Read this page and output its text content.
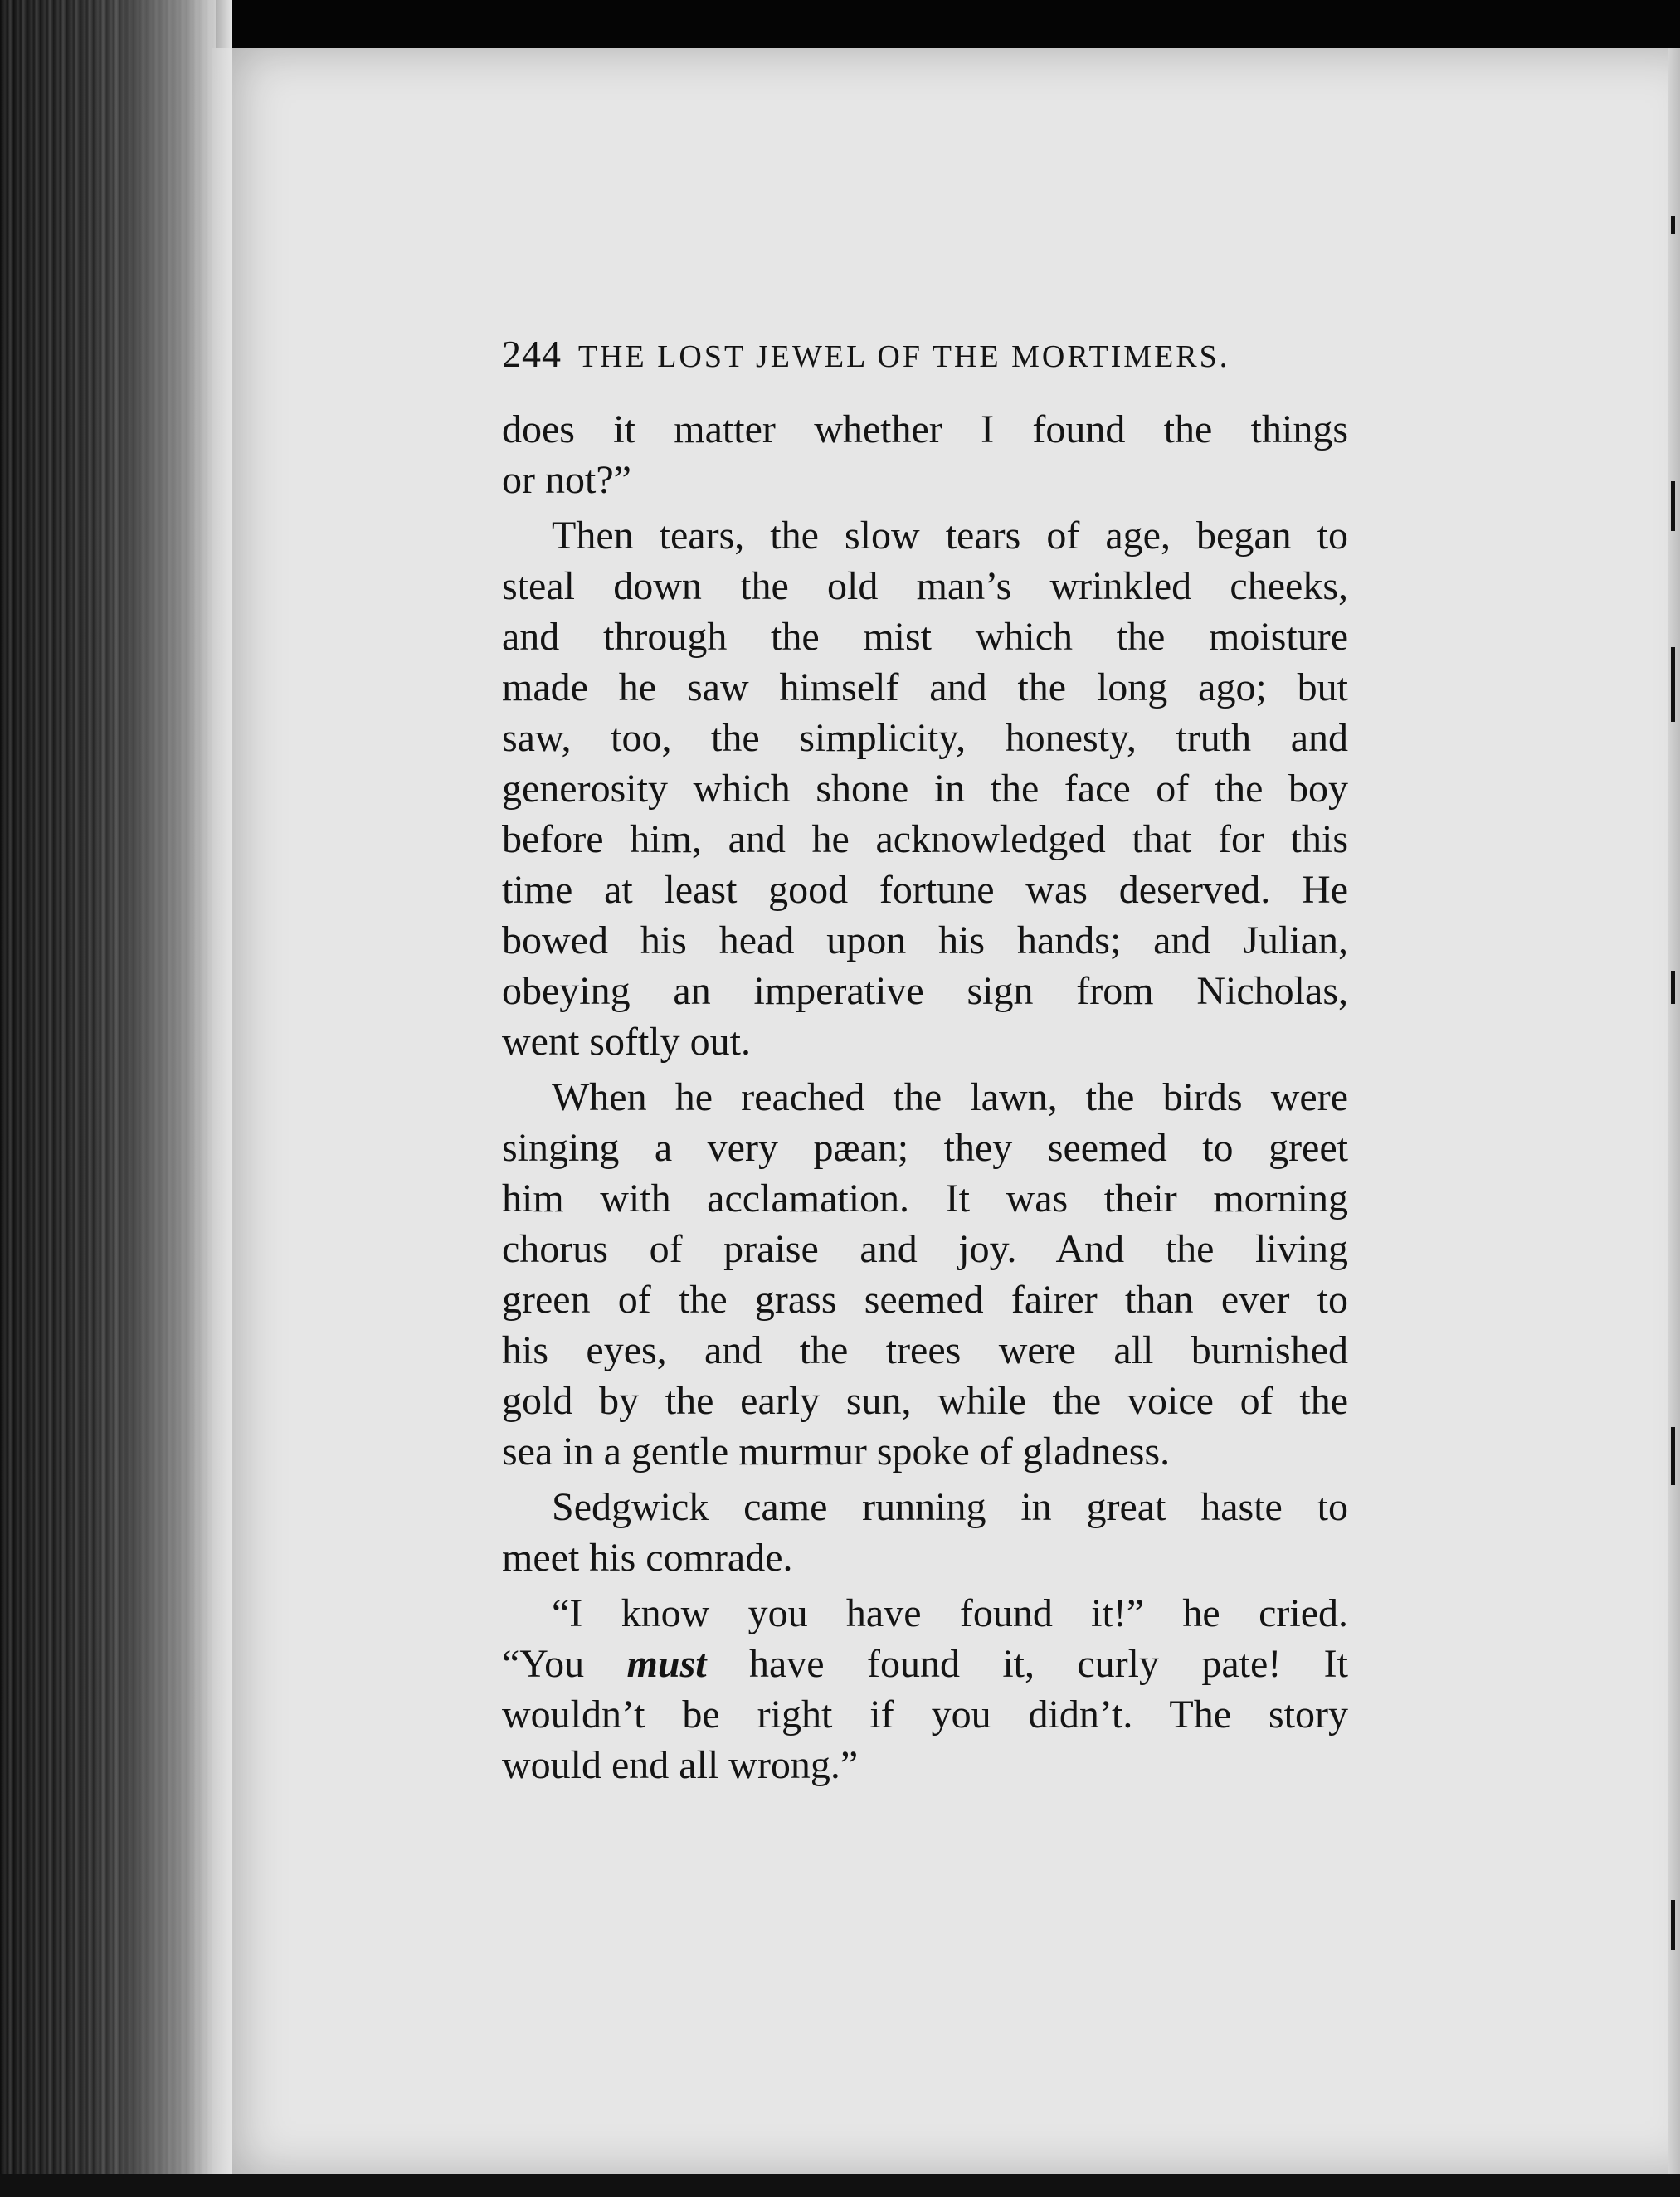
244 THE LOST JEWEL OF THE MORTIMERS.
does it matter whether I found the things
or not?”
Then tears, the slow tears of age, began to
steal down the old man’s wrinkled cheeks,
and through the mist which the moisture
made he saw himself and the long ago; but
saw, too, the simplicity, honesty, truth and
generosity which shone in the face of the boy
before him, and he acknowledged that for this
time at least good fortune was deserved. He
bowed his head upon his hands; and Julian,
obeying an imperative sign from Nicholas,
went softly out.
When he reached the lawn, the birds were
singing a very pæan; they seemed to greet
him with acclamation. It was their morning
chorus of praise and joy. And the living
green of the grass seemed fairer than ever to
his eyes, and the trees were all burnished
gold by the early sun, while the voice of the
sea in a gentle murmur spoke of gladness.
Sedgwick came running in great haste to
meet his comrade.
“I know you have found it!” he cried.
“You must have found it, curly pate! It
wouldn’t be right if you didn’t. The story
would end all wrong.”
